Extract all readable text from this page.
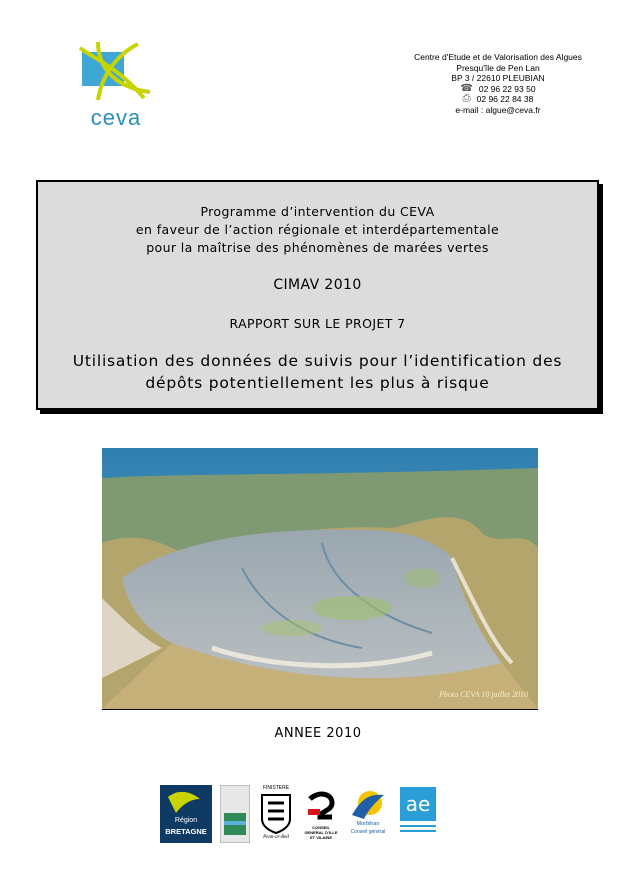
ceva
Centre d'Etude et de Valorisation des Algues
Presqu'île de Pen Lan
BP 3 / 22610 PLEUBIAN
☎ 02 96 22 93 50
⎙ 02 96 22 84 38
e-mail : algue@ceva.fr
Programme d’intervention du CEVA
en faveur de l’action régionale et interdépartementale
pour la maîtrise des phénomènes de marées vertes
CIMAV 2010
RAPPORT SUR LE PROJET 7
Utilisation des données de suivis pour l’identification des
dépôts potentiellement les plus à risque
Photo CEVA 10 juillet 2010
ANNEE 2010
Région
BRETAGNE
FINISTERE
Penn-ar-Bed
CONSEIL GENERAL D'ILLE ET VILAINE
Morbihan
Conseil général
ae
